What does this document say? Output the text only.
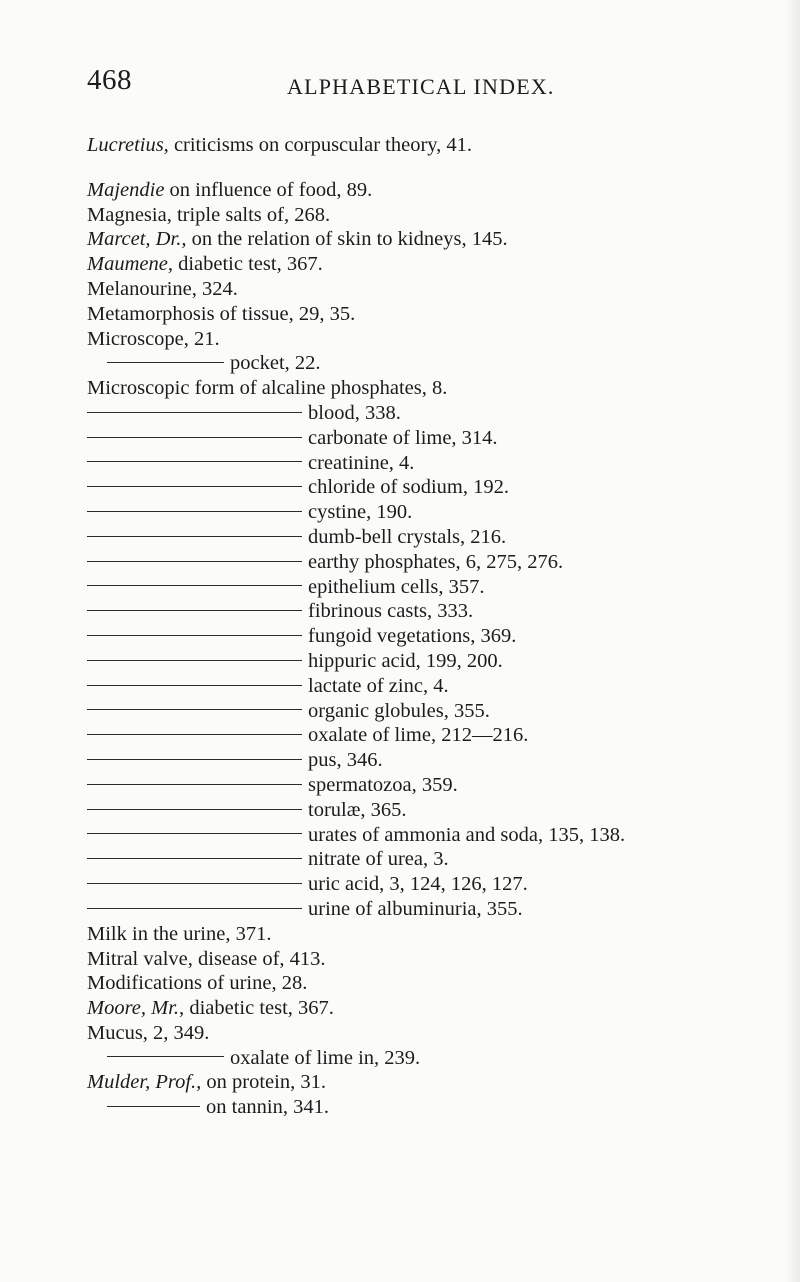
468	ALPHABETICAL INDEX.
Lucretius, criticisms on corpuscular theory, 41.
Majendie on influence of food, 89.
Magnesia, triple salts of, 268.
Marcet, Dr., on the relation of skin to kidneys, 145.
Maumene, diabetic test, 367.
Melanourine, 324.
Metamorphosis of tissue, 29, 35.
Microscope, 21.
pocket, 22.
Microscopic form of alcaline phosphates, 8.
blood, 338.
carbonate of lime, 314.
creatinine, 4.
chloride of sodium, 192.
cystine, 190.
dumb-bell crystals, 216.
earthy phosphates, 6, 275, 276.
epithelium cells, 357.
fibrinous casts, 333.
fungoid vegetations, 369.
hippuric acid, 199, 200.
lactate of zinc, 4.
organic globules, 355.
oxalate of lime, 212—216.
pus, 346.
spermatozoa, 359.
torulæ, 365.
urates of ammonia and soda, 135, 138.
nitrate of urea, 3.
uric acid, 3, 124, 126, 127.
urine of albuminuria, 355.
Milk in the urine, 371.
Mitral valve, disease of, 413.
Modifications of urine, 28.
Moore, Mr., diabetic test, 367.
Mucus, 2, 349.
oxalate of lime in, 239.
Mulder, Prof., on protein, 31.
on tannin, 341.
